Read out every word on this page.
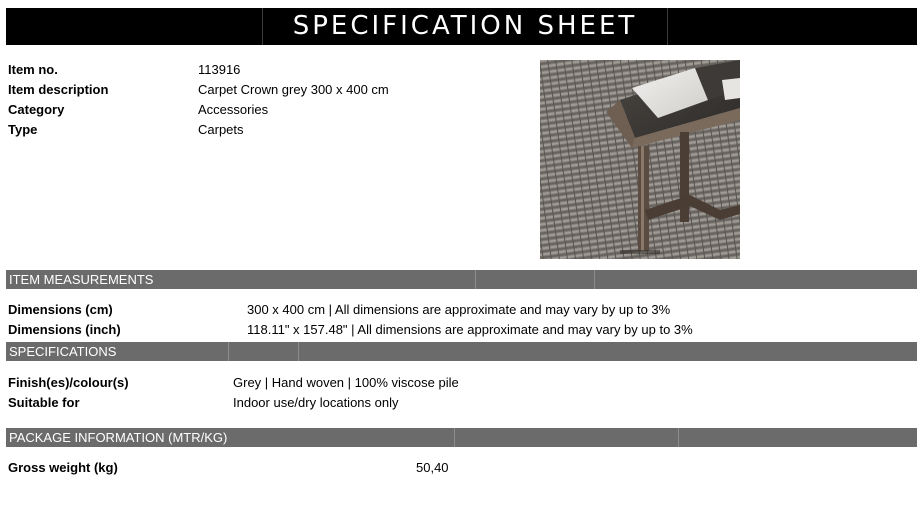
SPECIFICATION SHEET
Item no.	113916
Item description	Carpet Crown grey 300 x 400 cm
Category	Accessories
Type	Carpets
ITEM MEASUREMENTS
Dimensions (cm)	300 x 400 cm | All dimensions are approximate and may vary by up to 3%
Dimensions (inch)	118.11" x 157.48" | All dimensions are approximate and may vary by up to 3%
SPECIFICATIONS
Finish(es)/colour(s)	Grey | Hand woven | 100% viscose pile
Suitable for	Indoor use/dry locations only
PACKAGE INFORMATION (MTR/KG)
Gross weight (kg)	50,40
